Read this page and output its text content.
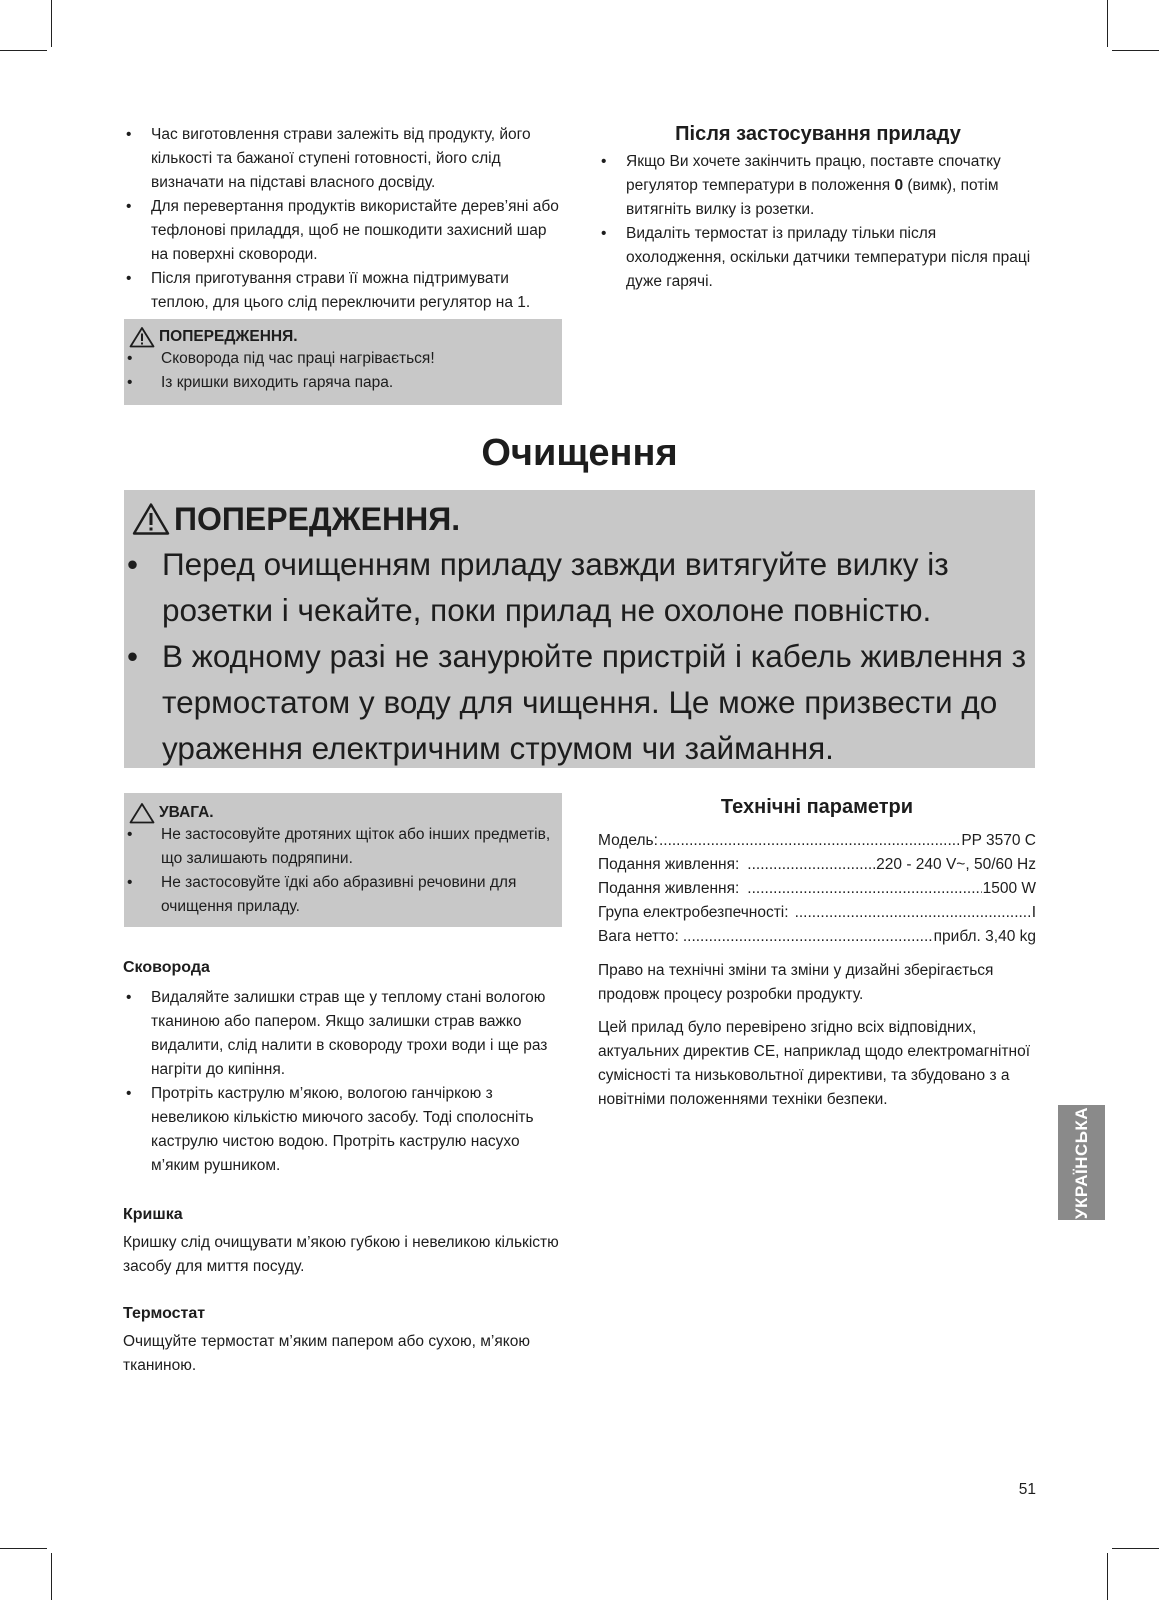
• Час виготовлення страви залежіть від продукту, його кількості та бажаної ступені готовності, його слід визначати на підставі власного досвіду.
• Для перевертання продуктів використайте дерев’яні або тефлонові приладдя, щоб не пошкодити захисний шар на поверхні сковороди.
• Після приготування страви її можна підтримувати теплою, для цього слід переключити регулятор на 1.
ПОПЕРЕДЖЕННЯ.
• Сковорода під час праці нагрівається!
• Із кришки виходить гаряча пара.
Після застосування приладу
• Якщо Ви хочете закінчить працю, поставте спочатку регулятор температури в положення 0 (вимк), потім витягніть вилку із розетки.
• Видаліть термостат із приладу тільки після охолодження, оскільки датчики температури після праці дуже гарячі.
Очищення
ПОПЕРЕДЖЕННЯ.
• Перед очищенням приладу завжди витягуйте вилку із розетки і чекайте, поки прилад не охолоне повністю.
• В жодному разі не занурюйте пристрій і кабель живлення з термостатом у воду для чищення. Це може призвести до ураження електричним струмом чи займання.
УВАГА.
• Не застосовуйте дротяних щіток або інших предметів, що залишають подряпини.
• Не застосовуйте їдкі або абразивні речовини для очищення приладу.
Сковорода
• Видаляйте залишки страв ще у теплому стані вологою тканиною або папером. Якщо залишки страв важко видалити, слід налити в сковороду трохи води і ще раз нагріти до кипіння.
• Протріть каструлю м’якою, вологою ганчіркою з невеликою кількістю миючого засобу. Тоді сполосніть каструлю чистою водою. Протріть каструлю насухо м’яким рушником.
Кришка

Кришку слід очищувати м’якою губкою і невеликою кількістю засобу для миття посуду.

Термостат

Очищуйте термостат м’яким папером або сухою, м’якою тканиною.

Технічні параметри
Модель: .....	PP 3570 C
Подання живлення: .....	220 - 240 V~, 50/60 Hz
Подання живлення: .....	1500 W
Група електробезпечності: .....	I
Вага нетто: .....	прибл. 3,40 kg

Право на технічні зміни та зміни у дизайні зберігається продовж процесу розробки продукту.

Цей прилад було перевірено згідно всіх відповідних, актуальних директив CE, наприклад щодо електромагнітної сумісності та низьковольтної директиви, та збудовано з а новітніми положеннями техніки безпеки.

УКРАЇНСЬКА
51
